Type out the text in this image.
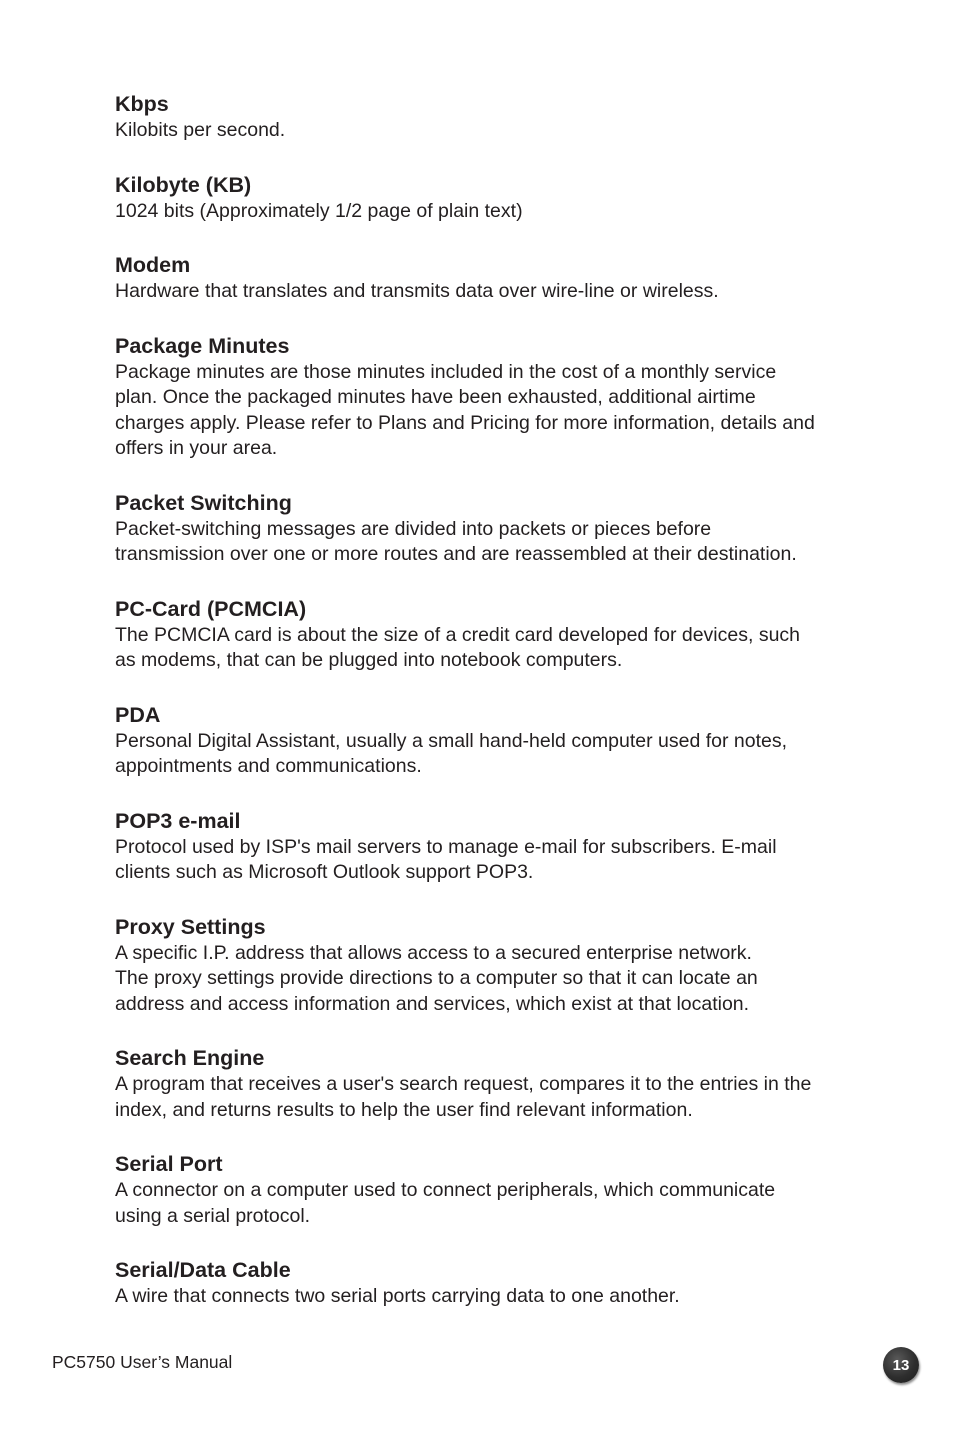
Kbps

Kilobits per second.

Kilobyte (KB)

1024 bits (Approximately 1/2 page of plain text)

Modem

Hardware that translates and transmits data over wire-line or wireless.

Package Minutes

Package minutes are those minutes included in the cost of a monthly service
plan. Once the packaged minutes have been exhausted, additional airtime
charges apply. Please refer to Plans and Pricing for more information, details and
offers in your area.

Packet Switching

Packet-switching messages are divided into packets or pieces before
transmission over one or more routes and are reassembled at their destination.

PC-Card (PCMCIA)

The PCMCIA card is about the size of a credit card developed for devices, such
as modems, that can be plugged into notebook computers.

PDA

Personal Digital Assistant, usually a small hand-held computer used for notes,
appointments and communications.

POP3 e-mail

Protocol used by ISP's mail servers to manage e-mail for subscribers. E-mail
clients such as Microsoft Outlook support POP3.

Proxy Settings

A specific I.P. address that allows access to a secured enterprise network.
The proxy settings provide directions to a computer so that it can locate an
address and access information and services, which exist at that location.

Search Engine

A program that receives a user's search request, compares it to the entries in the
index, and returns results to help the user find relevant information.

Serial Port

A connector on a computer used to connect peripherals, which communicate
using a serial protocol.

Serial/Data Cable

A wire that connects two serial ports carrying data to one another.

PC5750 User’s Manual	13
